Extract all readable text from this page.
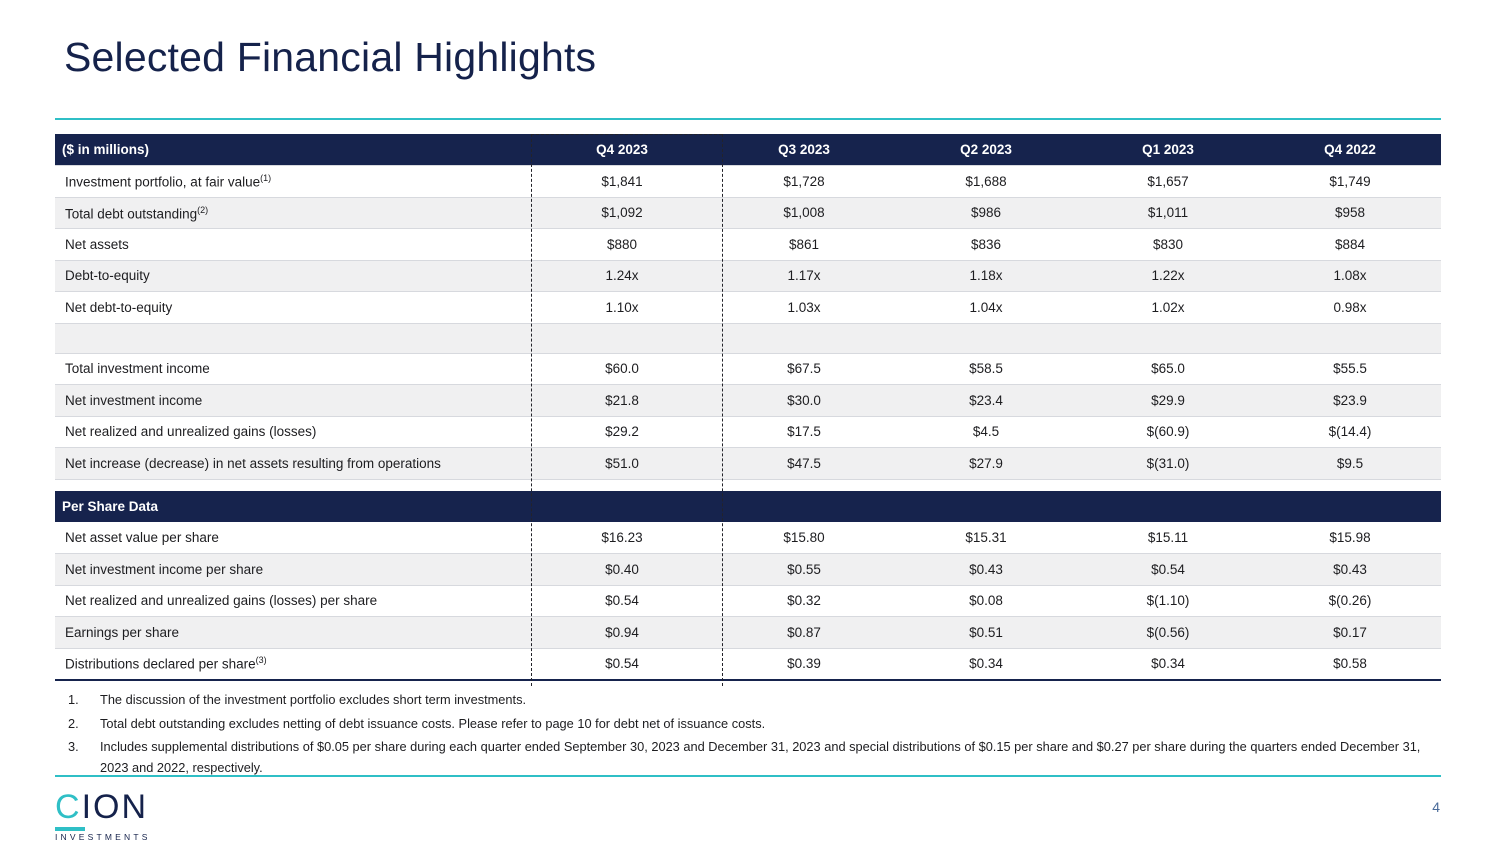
Selected Financial Highlights
($ in millions)	Q4 2023	Q3 2023	Q2 2023	Q1 2023	Q4 2022
Investment portfolio, at fair value$^{(1)}$	$1,841	$1,728	$1,688	$1,657	$1,749
Total debt outstanding$^{(2)}$	$1,092	$1,008	$986	$1,011	$958
Net assets	$880	$861	$836	$830	$884
Debt-to-equity	1.24x	1.17x	1.18x	1.22x	1.08x
Net debt-to-equity	1.10x	1.03x	1.04x	1.02x	0.98x

Total investment income	$60.0	$67.5	$58.5	$65.0	$55.5
Net investment income	$21.8	$30.0	$23.4	$29.9	$23.9
Net realized and unrealized gains (losses)	$29.2	$17.5	$4.5	$(60.9)	$(14.4)
Net increase (decrease) in net assets resulting from operations	$51.0	$47.5	$27.9	$(31.0)	$9.5

Per Share Data					
Net asset value per share	$16.23	$15.80	$15.31	$15.11	$15.98
Net investment income per share	$0.40	$0.55	$0.43	$0.54	$0.43
Net realized and unrealized gains (losses) per share	$0.54	$0.32	$0.08	$(1.10)	$(0.26)
Earnings per share	$0.94	$0.87	$0.51	$(0.56)	$0.17
Distributions declared per share$^{(3)}$	$0.54	$0.39	$0.34	$0.34	$0.58
1.	The discussion of the investment portfolio excludes short term investments.
2.	Total debt outstanding excludes netting of debt issuance costs. Please refer to page 10 for debt net of issuance costs.
3.	Includes supplemental distributions of $0.05 per share during each quarter ended September 30, 2023 and December 31, 2023 and special distributions of $0.15 per share and $0.27 per share during the quarters ended December 31, 2023 and 2022, respectively.
CION
INVESTMENTS
4
